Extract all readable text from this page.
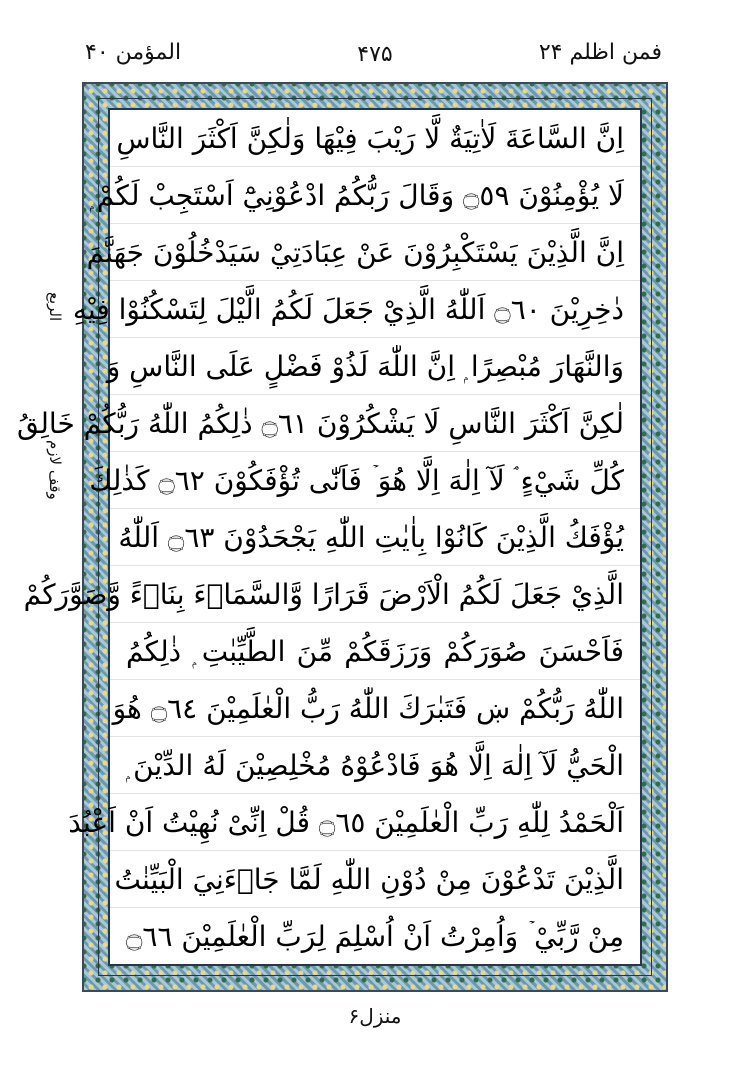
فمن اظلم ۲۴
۴۷۵
المؤمن ۴۰
الربع
وقف لازم
اِنَّ السَّاعَةَ لَاٰتِيَةٌ لَّا رَيْبَ فِيْهَا وَلٰكِنَّ اَكْثَرَ النَّاسِ
لَا يُؤْمِنُوْنَ ۝٥٩ وَقَالَ رَبُّكُمُ ادْعُوْنِيْٓ اَسْتَجِبْ لَكُمْ ۭ
اِنَّ الَّذِيْنَ يَسْتَكْبِرُوْنَ عَنْ عِبَادَتِيْ سَيَدْخُلُوْنَ جَهَنَّمَ
دٰخِرِيْنَ ۝٦٠ اَللّٰهُ الَّذِيْ جَعَلَ لَكُمُ الَّيْلَ لِتَسْكُنُوْا فِيْهِ
وَالنَّهَارَ مُبْصِرًا ۭ اِنَّ اللّٰهَ لَذُوْ فَضْلٍ عَلَى النَّاسِ وَ
لٰكِنَّ اَكْثَرَ النَّاسِ لَا يَشْكُرُوْنَ ۝٦١ ذٰلِكُمُ اللّٰهُ رَبُّكُمْ خَالِقُ
كُلِّ شَيْءٍ ۘ لَآ اِلٰهَ اِلَّا هُوَ ۡ فَاَنّٰى تُؤْفَكُوْنَ ۝٦٢ كَذٰلِكَ
يُؤْفَكُ الَّذِيْنَ كَانُوْا بِاٰيٰتِ اللّٰهِ يَجْحَدُوْنَ ۝٦٣ اَللّٰهُ
الَّذِيْ جَعَلَ لَكُمُ الْاَرْضَ قَرَارًا وَّالسَّمَاۗءَ بِنَاۗءً وَّصَوَّرَكُمْ
فَاَحْسَنَ صُوَرَكُمْ وَرَزَقَكُمْ مِّنَ الطَّيِّبٰتِ ۭ ذٰلِكُمُ
اللّٰهُ رَبُّكُمْ ښ فَتَبٰرَكَ اللّٰهُ رَبُّ الْعٰلَمِيْنَ ۝٦٤ هُوَ
الْحَيُّ لَآ اِلٰهَ اِلَّا هُوَ فَادْعُوْهُ مُخْلِصِيْنَ لَهُ الدِّيْنَ ۭ
اَلْحَمْدُ لِلّٰهِ رَبِّ الْعٰلَمِيْنَ ۝٦٥ قُلْ اِنِّىْ نُهِيْتُ اَنْ اَعْبُدَ
الَّذِيْنَ تَدْعُوْنَ مِنْ دُوْنِ اللّٰهِ لَمَّا جَاۗءَنِيَ الْبَيِّنٰتُ
مِنْ رَّبِّيْ ۡ وَاُمِرْتُ اَنْ اُسْلِمَ لِرَبِّ الْعٰلَمِيْنَ ۝٦٦
منزل۶
